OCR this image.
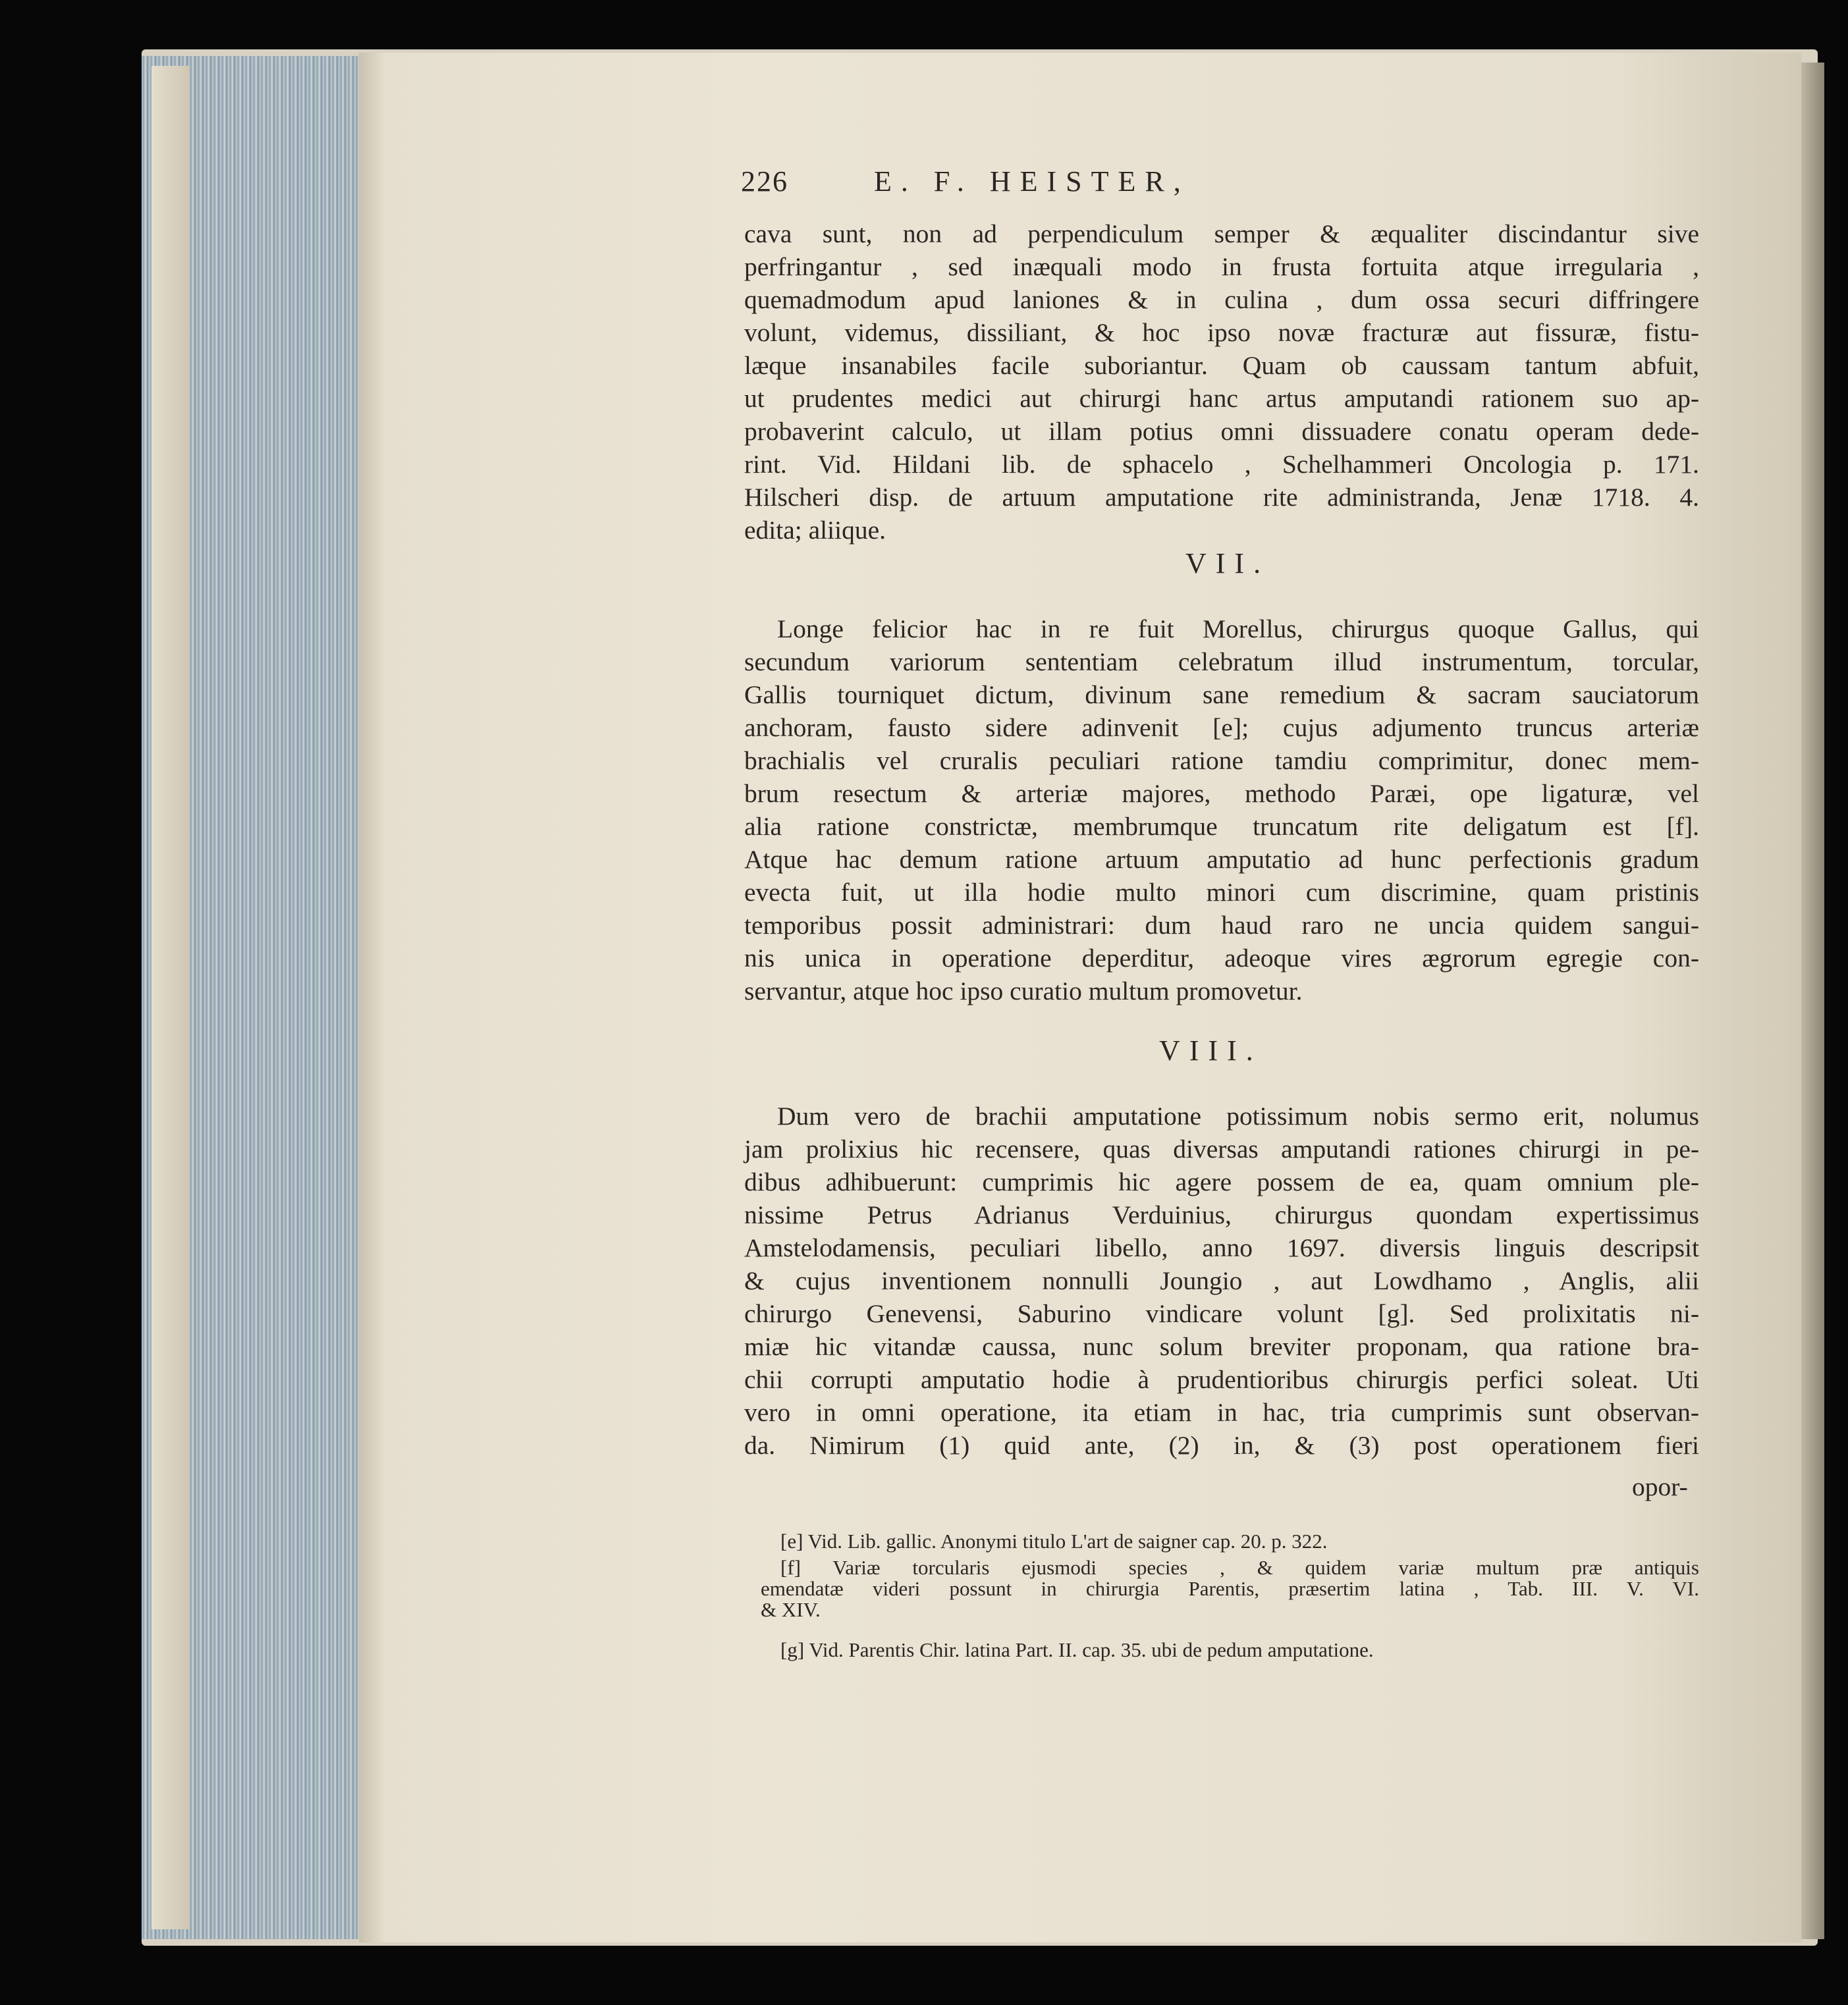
226	E. F. HEISTER,
cava sunt, non ad perpendiculum semper & æqualiter discindantur sive
perfringantur , sed inæquali modo in frusta fortuita atque irregularia ,
quemadmodum apud laniones & in culina , dum ossa securi diffringere
volunt, videmus, dissiliant, & hoc ipso novæ fracturæ aut fissuræ, fistu-
læque insanabiles facile suboriantur. Quam ob caussam tantum abfuit,
ut prudentes medici aut chirurgi hanc artus amputandi rationem suo ap-
probaverint calculo, ut illam potius omni dissuadere conatu operam dede-
rint. Vid. Hildani lib. de sphacelo , Schelhammeri Oncologia p. 171.
Hilscheri disp. de artuum amputatione rite administranda, Jenæ 1718. 4.
edita; aliique.
VII.
Longe felicior hac in re fuit Morellus, chirurgus quoque Gallus, qui
secundum variorum sententiam celebratum illud instrumentum, torcular,
Gallis tourniquet dictum, divinum sane remedium & sacram sauciatorum
anchoram, fausto sidere adinvenit [e]; cujus adjumento truncus arteriæ
brachialis vel cruralis peculiari ratione tamdiu comprimitur, donec mem-
brum resectum & arteriæ majores, methodo Paræi, ope ligaturæ, vel
alia ratione constrictæ, membrumque truncatum rite deligatum est [f].
Atque hac demum ratione artuum amputatio ad hunc perfectionis gradum
evecta fuit, ut illa hodie multo minori cum discrimine, quam pristinis
temporibus possit administrari: dum haud raro ne uncia quidem sangui-
nis unica in operatione deperditur, adeoque vires ægrorum egregie con-
servantur, atque hoc ipso curatio multum promovetur.
VIII.
Dum vero de brachii amputatione potissimum nobis sermo erit, nolumus
jam prolixius hic recensere, quas diversas amputandi rationes chirurgi in pe-
dibus adhibuerunt: cumprimis hic agere possem de ea, quam omnium ple-
nissime Petrus Adrianus Verduinius, chirurgus quondam expertissimus
Amstelodamensis, peculiari libello, anno 1697. diversis linguis descripsit
& cujus inventionem nonnulli Joungio , aut Lowdhamo , Anglis, alii
chirurgo Genevensi, Saburino vindicare volunt [g]. Sed prolixitatis ni-
miæ hic vitandæ caussa, nunc solum breviter proponam, qua ratione bra-
chii corrupti amputatio hodie à prudentioribus chirurgis perfici soleat. Uti
vero in omni operatione, ita etiam in hac, tria cumprimis sunt observan-
da. Nimirum (1) quid ante, (2) in, & (3) post operationem fieri
opor-
[e] Vid. Lib. gallic. Anonymi titulo L'art de saigner cap. 20. p. 322.
[f] Variæ torcularis ejusmodi species , & quidem variæ multum præ antiquis
emendatæ videri possunt in chirurgia Parentis, præsertim latina , Tab. III. V. VI.
& XIV.
[g] Vid. Parentis Chir. latina Part. II. cap. 35. ubi de pedum amputatione.
